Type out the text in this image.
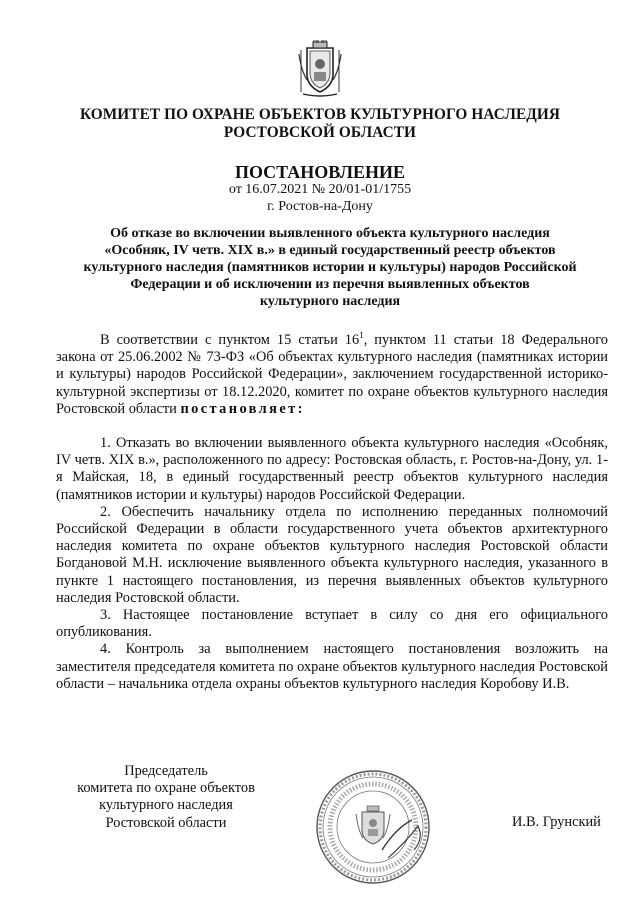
КОМИТЕТ ПО ОХРАНЕ ОБЪЕКТОВ КУЛЬТУРНОГО НАСЛЕДИЯ
РОСТОВСКОЙ ОБЛАСТИ
ПОСТАНОВЛЕНИЕ
от 16.07.2021 № 20/01-01/1755
г. Ростов-на-Дону
Об отказе во включении выявленного объекта культурного наследия
«Особняк, IV четв. XIX в.» в единый государственный реестр объектов
культурного наследия (памятников истории и культуры) народов Российской
Федерации и об исключении из перечня выявленных объектов
культурного наследия

В соответствии с пунктом 15 статьи $16^1$, пунктом 11 статьи 18 Федерального закона от 25.06.2002 № 73-ФЗ «Об объектах культурного наследия (памятниках истории и культуры) народов Российской Федерации», заключением государственной историко-культурной экспертизы от 18.12.2020, комитет по охране объектов культурного наследия Ростовской области постановляет:

1. Отказать во включении выявленного объекта культурного наследия «Особняк, IV четв. XIX в.», расположенного по адресу: Ростовская область, г. Ростов-на-Дону, ул. 1-я Майская, 18, в единый государственный реестр объектов культурного наследия (памятников истории и культуры) народов Российской Федерации.

2. Обеспечить начальнику отдела по исполнению переданных полномочий Российской Федерации в области государственного учета объектов архитектурного наследия комитета по охране объектов культурного наследия Ростовской области Богдановой М.Н. исключение выявленного объекта культурного наследия, указанного в пункте 1 настоящего постановления, из перечня выявленных объектов культурного наследия Ростовской области.

3. Настоящее постановление вступает в силу со дня его официального опубликования.

4. Контроль за выполнением настоящего постановления возложить на заместителя председателя комитета по охране объектов культурного наследия Ростовской области – начальника отдела охраны объектов культурного наследия Коробову И.В.

Председатель
комитета по охране объектов
культурного наследия
Ростовской области	И.В. Грунский
